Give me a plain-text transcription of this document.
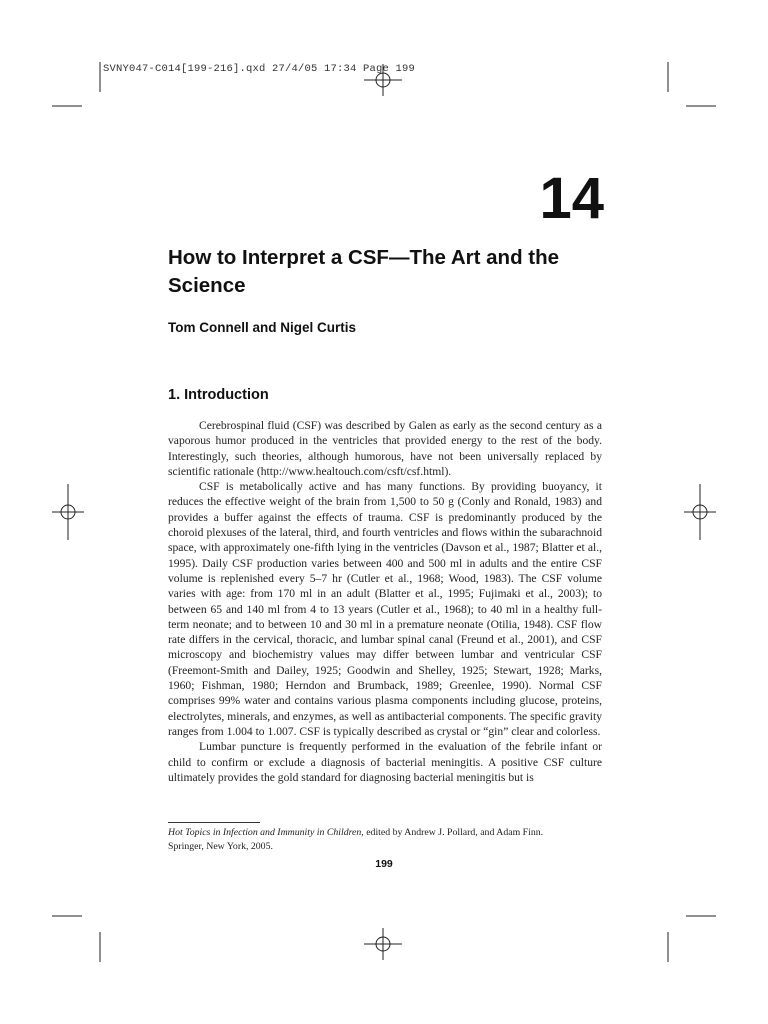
SVNY047-C014[199-216].qxd 27/4/05 17:34 Page 199
14
How to Interpret a CSF—The Art and the Science
Tom Connell and Nigel Curtis
1. Introduction

Cerebrospinal fluid (CSF) was described by Galen as early as the second century as a vaporous humor produced in the ventricles that provided energy to the rest of the body. Interestingly, such theories, although humorous, have not been universally replaced by scientific rationale (http://www.healtouch.com/csft/csf.html).

CSF is metabolically active and has many functions. By providing buoyancy, it reduces the effective weight of the brain from 1,500 to 50 g (Conly and Ronald, 1983) and provides a buffer against the effects of trauma. CSF is predominantly produced by the choroid plexuses of the lateral, third, and fourth ventricles and flows within the subarachnoid space, with approximately one-fifth lying in the ventricles (Davson et al., 1987; Blatter et al., 1995). Daily CSF production varies between 400 and 500 ml in adults and the entire CSF volume is replenished every 5–7 hr (Cutler et al., 1968; Wood, 1983). The CSF volume varies with age: from 170 ml in an adult (Blatter et al., 1995; Fujimaki et al., 2003); to between 65 and 140 ml from 4 to 13 years (Cutler et al., 1968); to 40 ml in a healthy full-term neonate; and to between 10 and 30 ml in a premature neonate (Otilia, 1948). CSF flow rate differs in the cervical, thoracic, and lumbar spinal canal (Freund et al., 2001), and CSF microscopy and biochemistry values may differ between lumbar and ventricular CSF (Freemont-Smith and Dailey, 1925; Goodwin and Shelley, 1925; Stewart, 1928; Marks, 1960; Fishman, 1980; Herndon and Brumback, 1989; Greenlee, 1990). Normal CSF comprises 99% water and contains various plasma components including glucose, proteins, electrolytes, minerals, and enzymes, as well as antibacterial components. The specific gravity ranges from 1.004 to 1.007. CSF is typically described as crystal or “gin” clear and colorless.

Lumbar puncture is frequently performed in the evaluation of the febrile infant or child to confirm or exclude a diagnosis of bacterial meningitis. A positive CSF culture ultimately provides the gold standard for diagnosing bacterial meningitis but is

Hot Topics in Infection and Immunity in Children, edited by Andrew J. Pollard, and Adam Finn.
Springer, New York, 2005.
199
